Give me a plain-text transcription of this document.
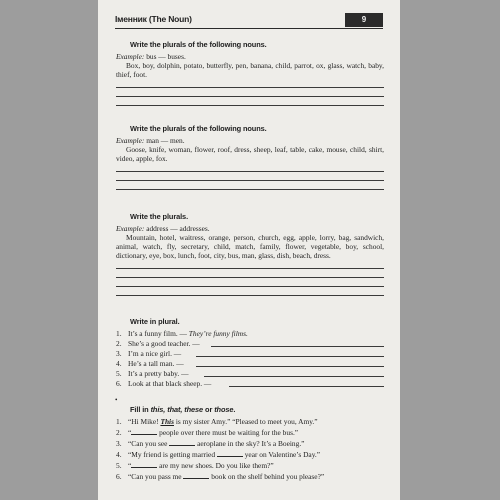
Іменник (The Noun)	9
Write the plurals of the following nouns.
Example: bus — buses.
Box, boy, dolphin, potato, butterfly, pen, banana, child, parrot, ox, glass, watch, baby, thief, foot.
Write the plurals of the following nouns.
Example: man — men.
Goose, knife, woman, flower, roof, dress, sheep, leaf, table, cake, mouse, child, shirt, video, apple, fox.
Write the plurals.
Example: address — addresses.
Mountain, hotel, waitress, orange, person, church, egg, apple, lorry, bag, sandwich, animal, watch, fly, secretary, child, match, family, flower, vegetable, boy, school, dictionary, eye, box, lunch, foot, city, bus, man, glass, dish, beach, dress.
Write in plural.
1. It’s a funny film. — They’re funny films.
2. She’s a good teacher. —
3. I’m a nice girl. —
4. He’s a tall man. —
5. It’s a pretty baby. —
6. Look at that black sheep. —
•
Fill in this, that, these or those.
1. “Hi Mike! This is my sister Amy.” “Pleased to meet you, Amy.”
2. “	people over there must be waiting for the bus.”
3. “Can you see	aeroplane in the sky? It’s a Boeing.”
4. “My friend is getting married	year on Valentine’s Day.”
5. “	are my new shoes. Do you like them?”
6. “Can you pass me	book on the shelf behind you please?”
